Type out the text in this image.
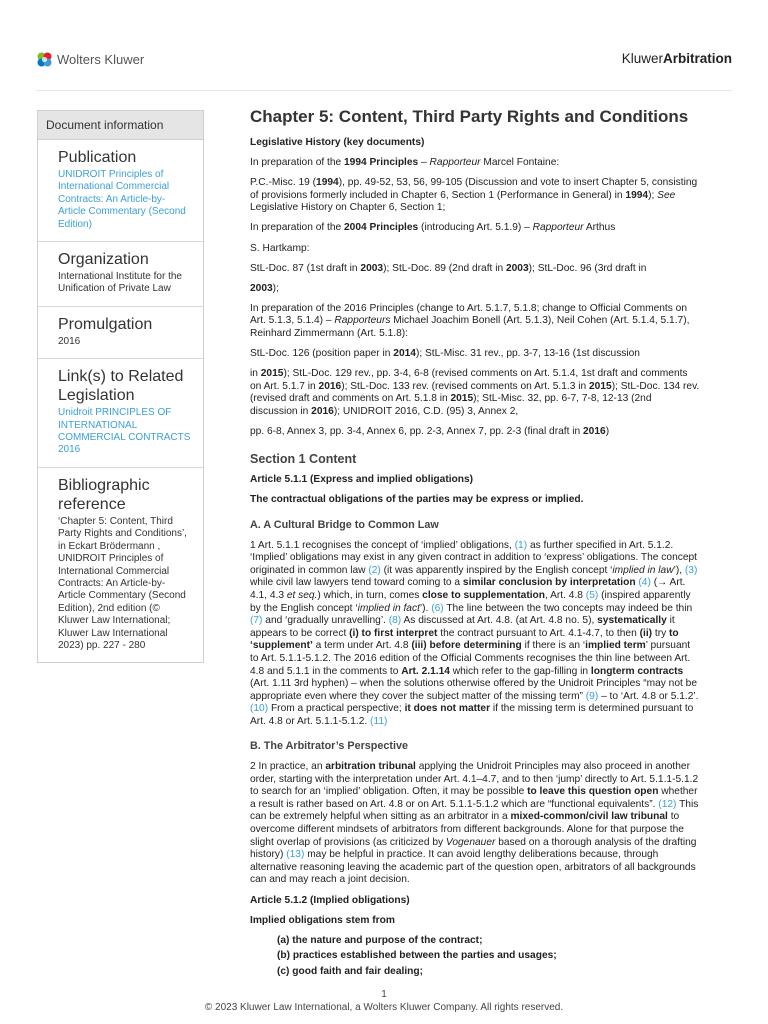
Wolters Kluwer	KluwerArbitration
Document information
Publication
UNIDROIT Principles of International Commercial Contracts: An Article-by-Article Commentary (Second Edition)
Organization
International Institute for the Unification of Private Law
Promulgation
2016
Link(s) to Related Legislation
Unidroit PRINCIPLES OF INTERNATIONAL COMMERCIAL CONTRACTS 2016
Bibliographic reference
‘Chapter 5: Content, Third Party Rights and Conditions’, in Eckart Brödermann , UNIDROIT Principles of International Commercial Contracts: An Article-by-Article Commentary (Second Edition), 2nd edition (© Kluwer Law International; Kluwer Law International 2023) pp. 227 - 280
Chapter 5: Content, Third Party Rights and Conditions

Legislative History (key documents)

In preparation of the 1994 Principles – Rapporteur Marcel Fontaine:

P.C.-Misc. 19 (1994), pp. 49-52, 53, 56, 99-105 (Discussion and vote to insert Chapter 5, consisting of provisions formerly included in Chapter 6, Section 1 (Performance in General) in 1994); See Legislative History on Chapter 6, Section 1;

In preparation of the 2004 Principles (introducing Art. 5.1.9) – Rapporteur Arthus

S. Hartkamp:

StL-Doc. 87 (1st draft in 2003); StL-Doc. 89 (2nd draft in 2003); StL-Doc. 96 (3rd draft in

2003);

In preparation of the 2016 Principles (change to Art. 5.1.7, 5.1.8; change to Official Comments on Art. 5.1.3, 5.1.4) – Rapporteurs Michael Joachim Bonell (Art. 5.1.3), Neil Cohen (Art. 5.1.4, 5.1.7), Reinhard Zimmermann (Art. 5.1.8):

StL-Doc. 126 (position paper in 2014); StL-Misc. 31 rev., pp. 3-7, 13-16 (1st discussion

in 2015); StL-Doc. 129 rev., pp. 3-4, 6-8 (revised comments on Art. 5.1.4, 1st draft and comments on Art. 5.1.7 in 2016); StL-Doc. 133 rev. (revised comments on Art. 5.1.3 in 2015); StL-Doc. 134 rev. (revised draft and comments on Art. 5.1.8 in 2015); StL-Misc. 32, pp. 6-7, 7-8, 12-13 (2nd discussion in 2016); UNIDROIT 2016, C.D. (95) 3, Annex 2,

pp. 6-8, Annex 3, pp. 3-4, Annex 6, pp. 2-3, Annex 7, pp. 2-3 (final draft in 2016)

Section 1 Content

Article 5.1.1 (Express and implied obligations)

The contractual obligations of the parties may be express or implied.

A. A Cultural Bridge to Common Law

1 Art. 5.1.1 recognises the concept of ‘implied’ obligations, (1) as further specified in Art. 5.1.2. ‘Implied’ obligations may exist in any given contract in addition to ‘express’ obligations. The concept originated in common law (2) (it was apparently inspired by the English concept ‘implied in law’), (3) while civil law lawyers tend toward coming to a similar conclusion by interpretation (4) (→ Art. 4.1, 4.3 et seq.) which, in turn, comes close to supplementation, Art. 4.8 (5) (inspired apparently by the English concept ‘implied in fact’). (6) The line between the two concepts may indeed be thin (7) and ‘gradually unravelling’. (8) As discussed at Art. 4.8. (at Art. 4.8 no. 5), systematically it appears to be correct (i) to first interpret the contract pursuant to Art. 4.1-4.7, to then (ii) try to ‘supplement’ a term under Art. 4.8 (iii) before determining if there is an ‘implied term’ pursuant to Art. 5.1.1-5.1.2. The 2016 edition of the Official Comments recognises the thin line between Art. 4.8 and 5.1.1 in the comments to Art. 2.1.14 which refer to the gap-filling in longterm contracts (Art. 1.11 3rd hyphen) – when the solutions otherwise offered by the Unidroit Principles “may not be appropriate even where they cover the subject matter of the missing term” (9) – to ‘Art. 4.8 or 5.1.2’. (10) From a practical perspective; it does not matter if the missing term is determined pursuant to Art. 4.8 or Art. 5.1.1-5.1.2. (11)

B. The Arbitrator’s Perspective

2 In practice, an arbitration tribunal applying the Unidroit Principles may also proceed in another order, starting with the interpretation under Art. 4.1–4.7, and to then ‘jump’ directly to Art. 5.1.1-5.1.2 to search for an ‘implied’ obligation. Often, it may be possible to leave this question open whether a result is rather based on Art. 4.8 or on Art. 5.1.1-5.1.2 which are “functional equivalents”. (12) This can be extremely helpful when sitting as an arbitrator in a mixed-common/civil law tribunal to overcome different mindsets of arbitrators from different backgrounds. Alone for that purpose the slight overlap of provisions (as criticized by Vogenauer based on a thorough analysis of the drafting history) (13) may be helpful in practice. It can avoid lengthy deliberations because, through alternative reasoning leaving the academic part of the question open, arbitrators of all backgrounds can and may reach a joint decision.

Article 5.1.2 (Implied obligations)

Implied obligations stem from

(a) the nature and purpose of the contract;

(b) practices established between the parties and usages;

(c) good faith and fair dealing;

1
© 2023 Kluwer Law International, a Wolters Kluwer Company. All rights reserved.
